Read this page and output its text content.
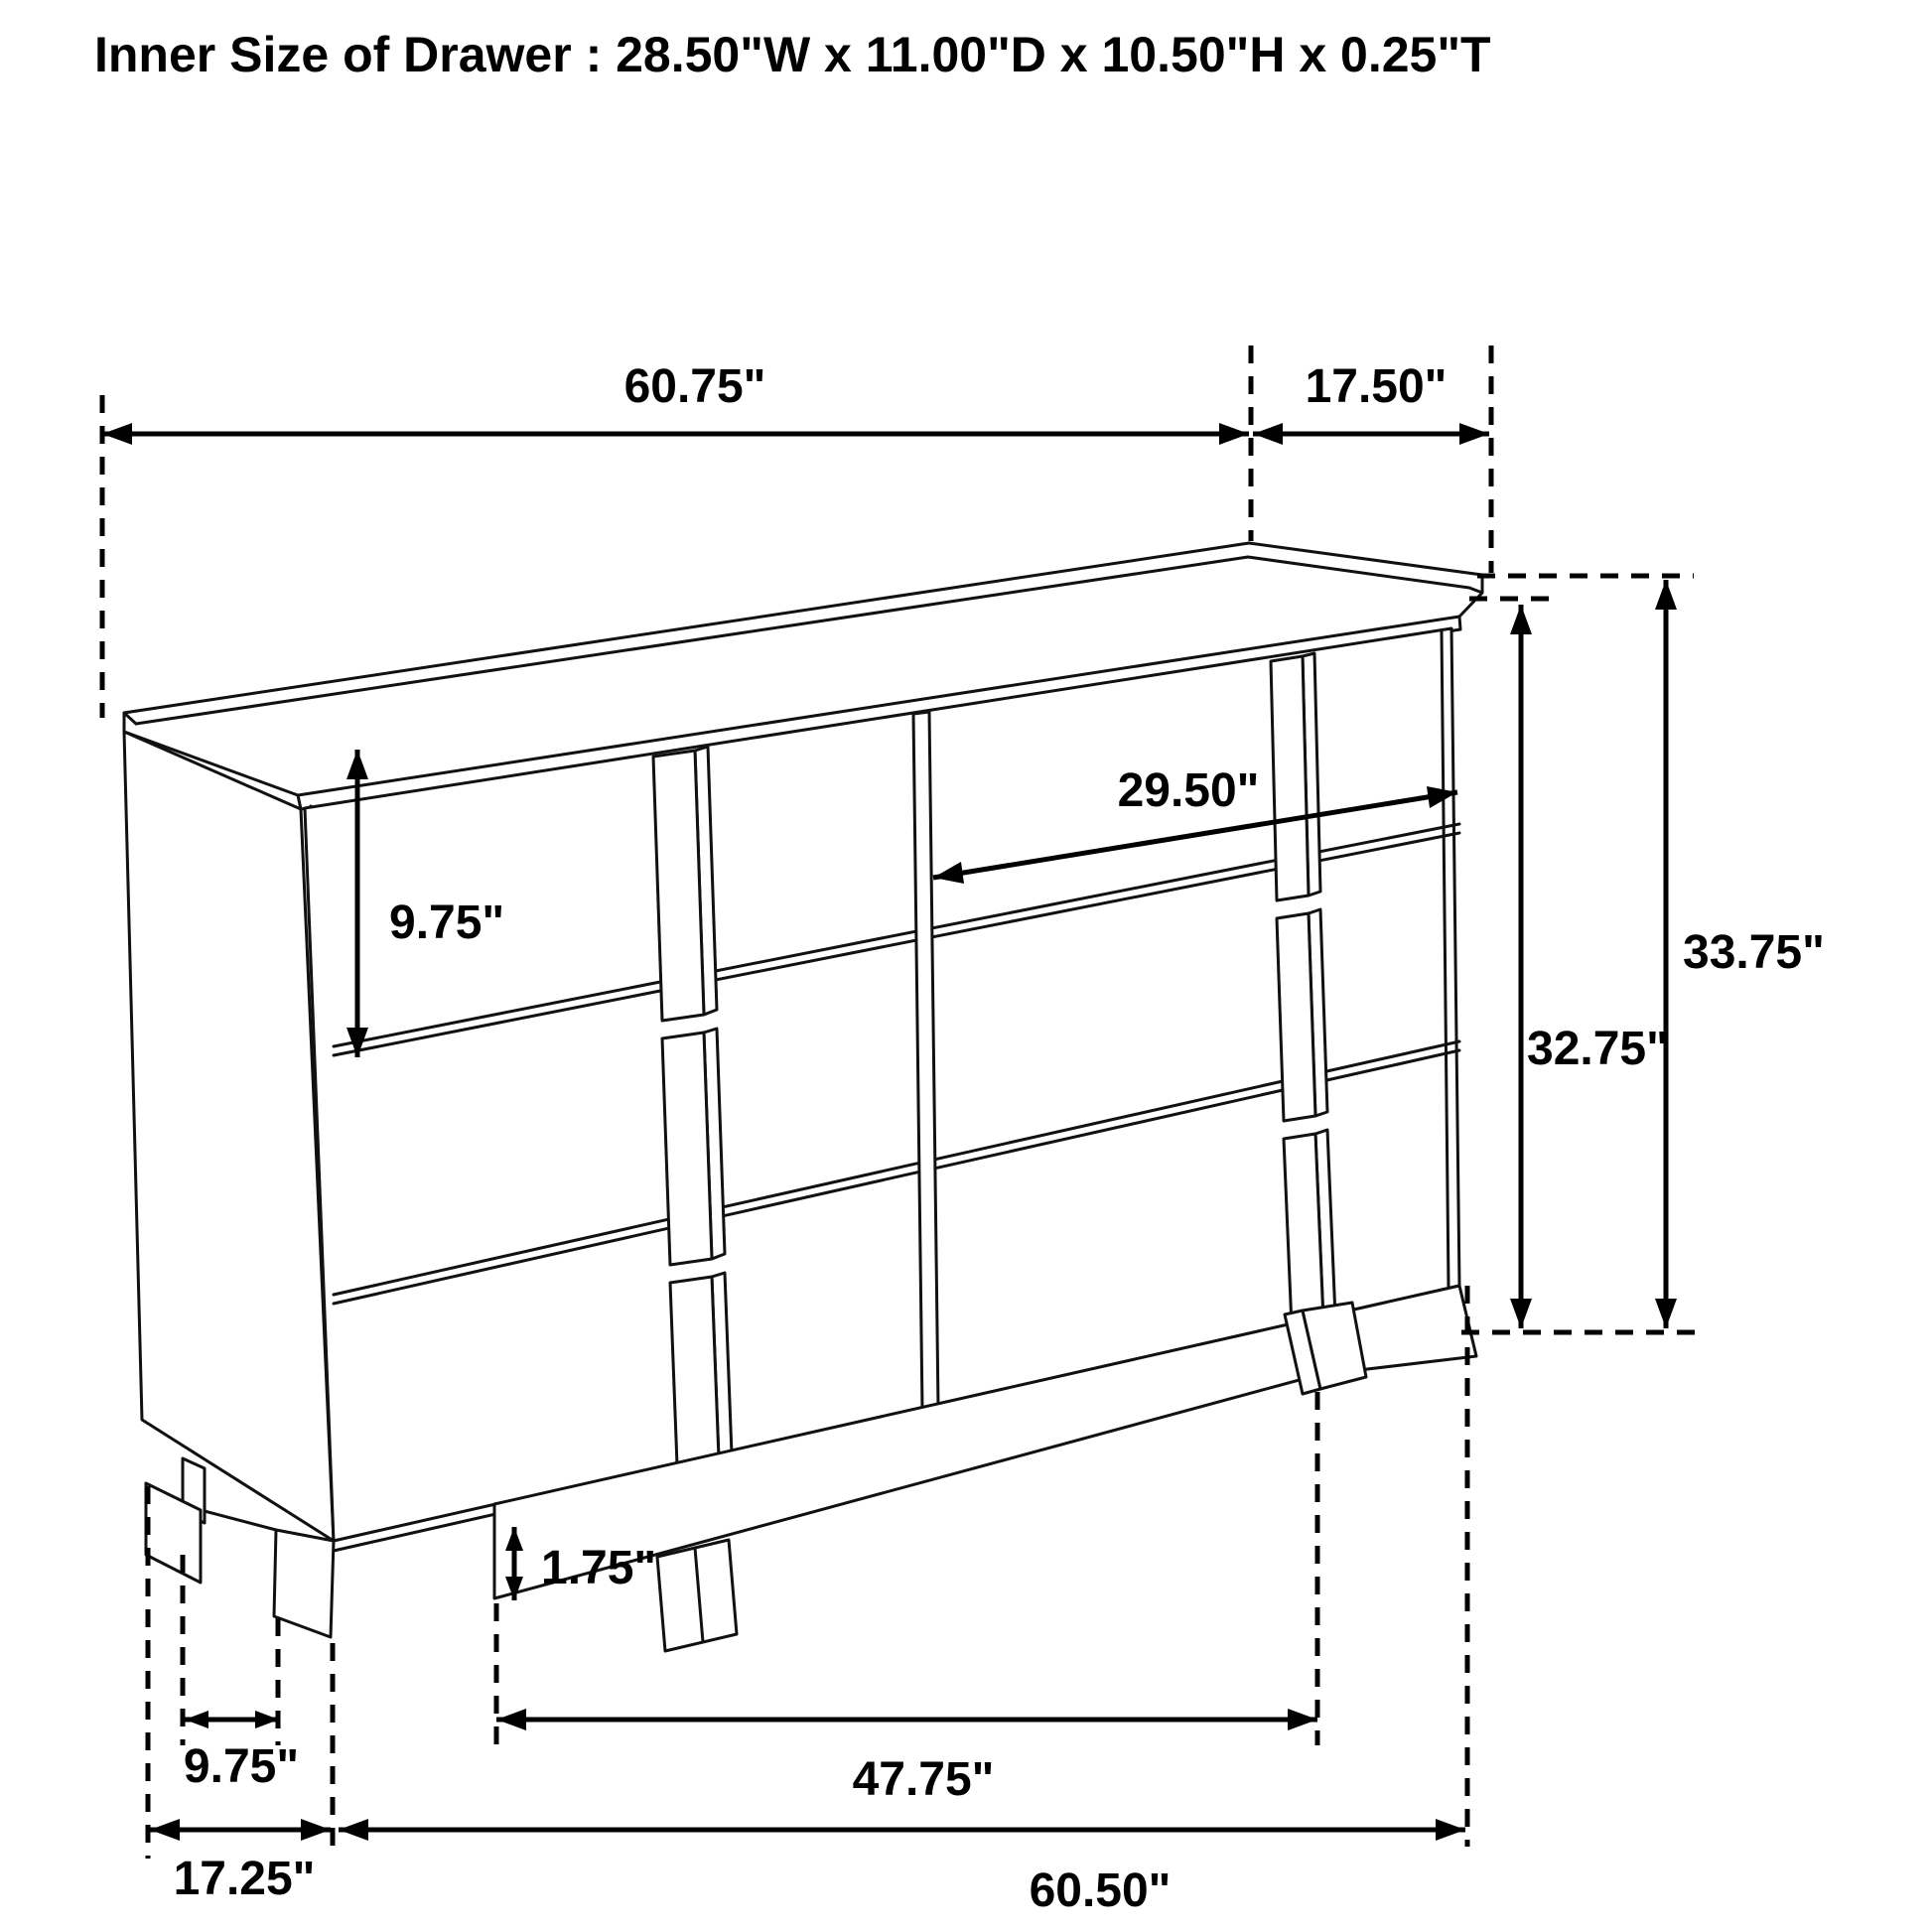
Inner Size of Drawer : 28.50"W x 11.00"D x 10.50"H x 0.25"T
60.75"	17.50"
9.75"
29.50"
33.75"
32.75"
1.75"
9.75"	47.75"
17.25"	60.50"
